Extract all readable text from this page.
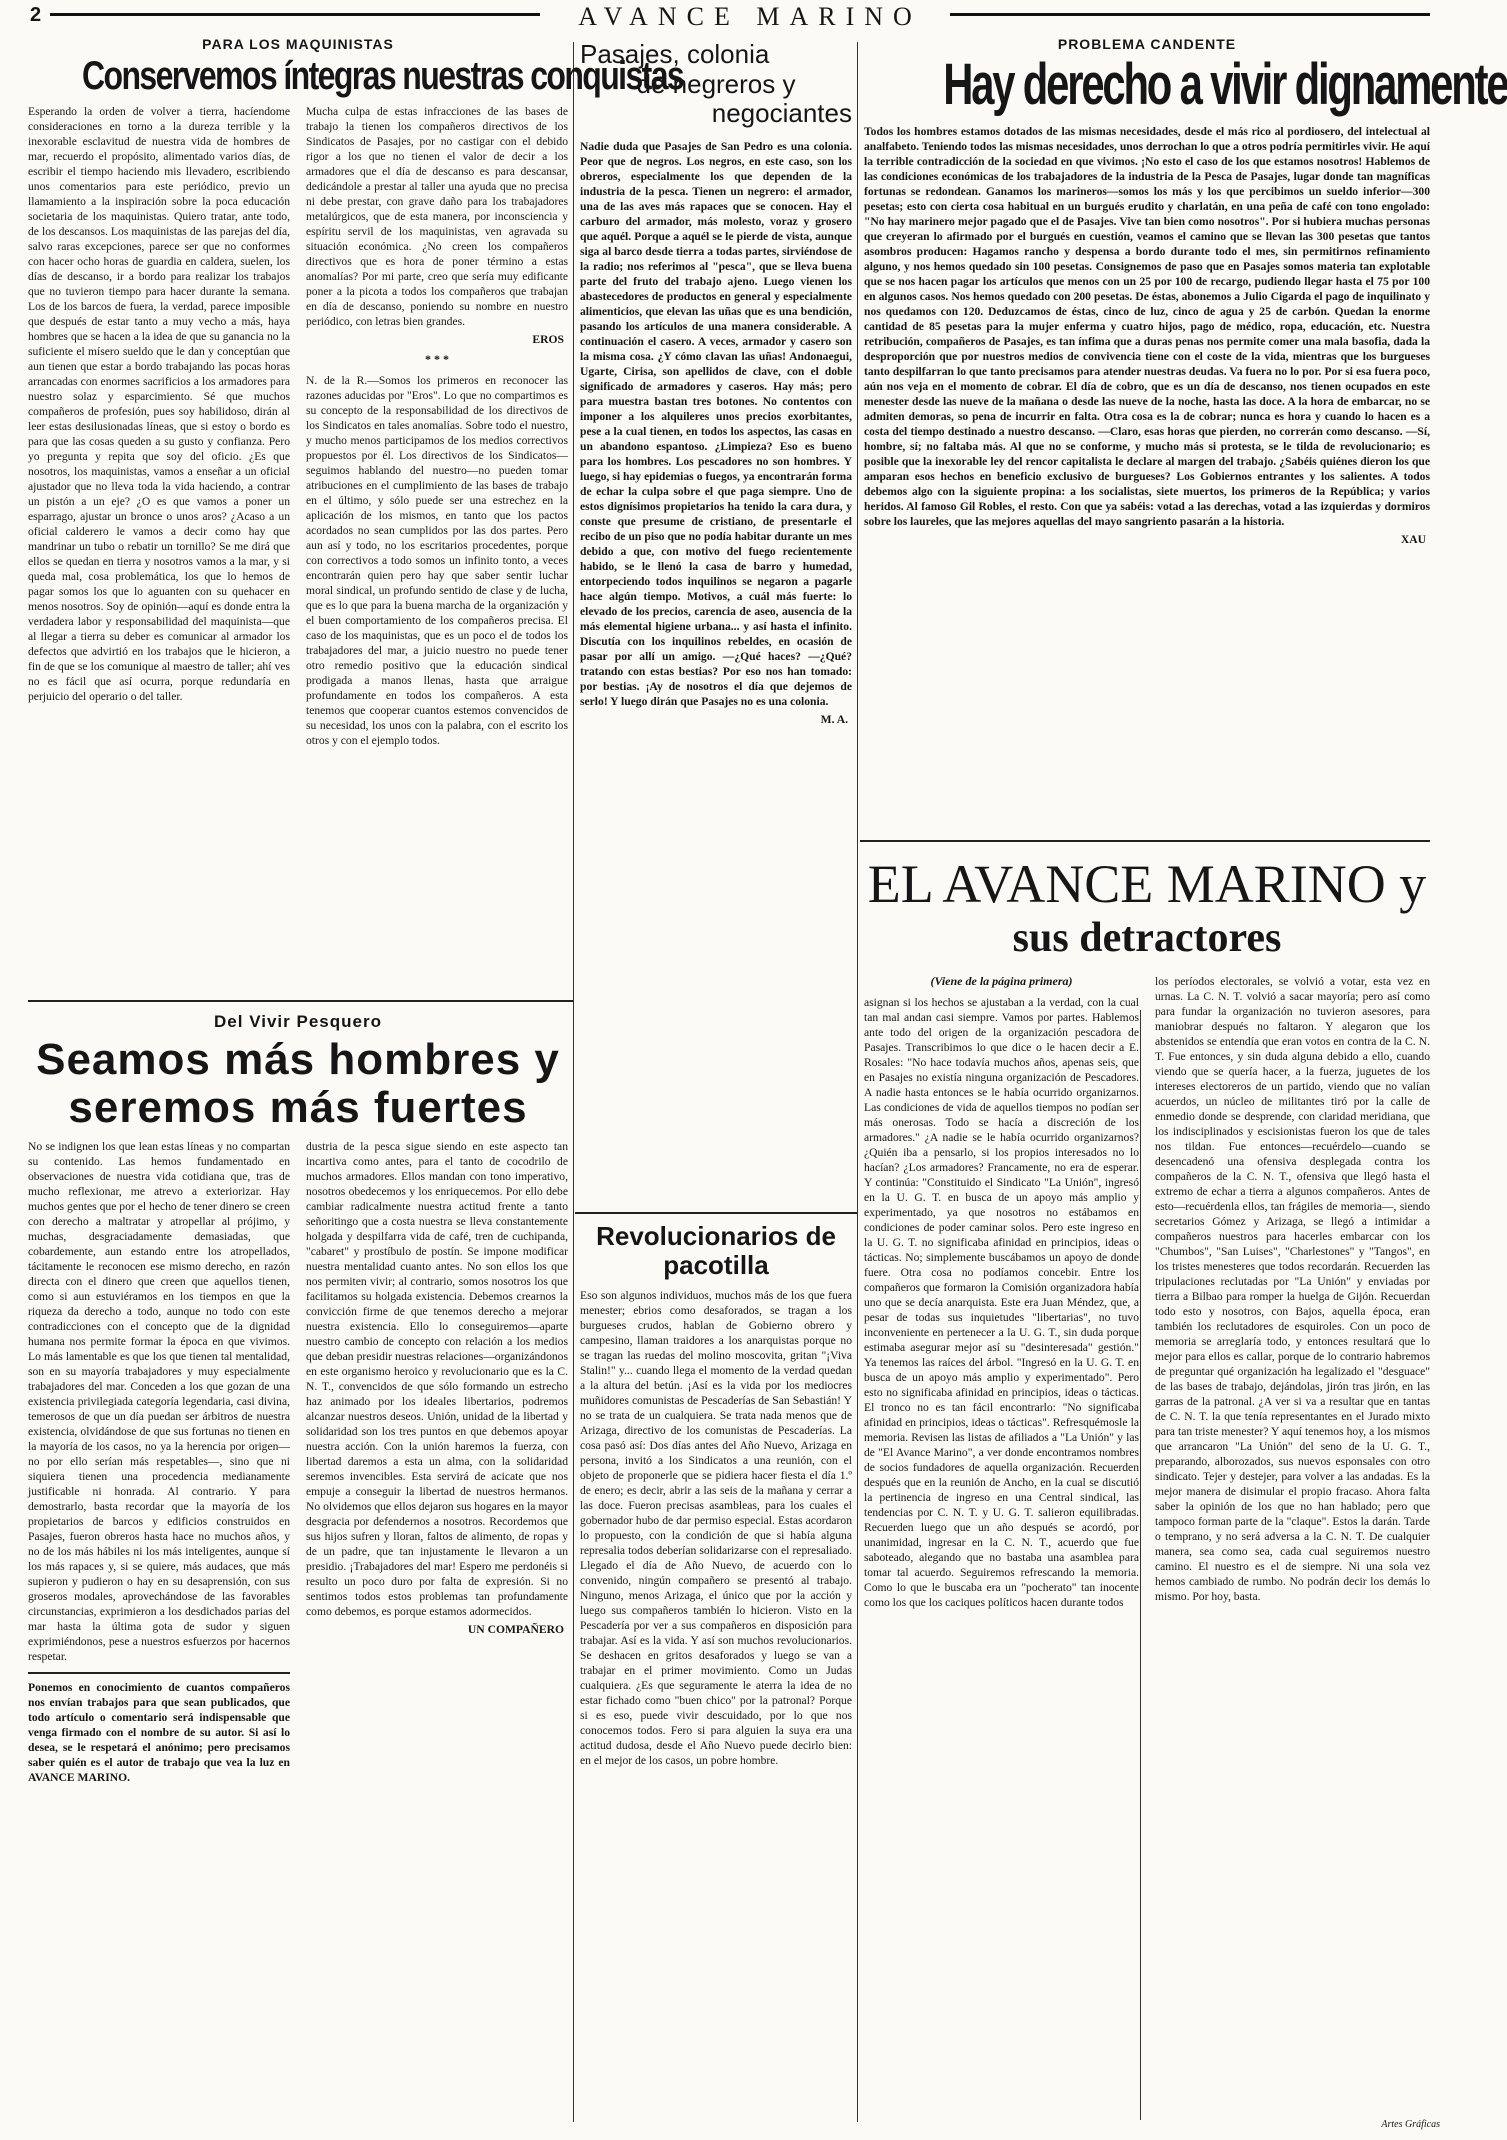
2	AVANCE MARINO
PARA LOS MAQUINISTAS
Conservemos íntegras nuestras conquistas

Esperando la orden de volver a tierra, hacíendome consideraciones en torno a la dureza terrible y la inexorable esclavitud de nuestra vida de hombres de mar, recuerdo el propósito, alimentado varios días, de escribir el tiempo haciendo mis llevadero, escribiendo unos comentarios para este periódico, previo un llamamiento a la inspiración sobre la poca educación societaria de los maquinistas. Quiero tratar, ante todo, de los descansos. Los maquinistas de las parejas del día, salvo raras excepciones, parece ser que no conformes con hacer ocho horas de guardia en caldera, suelen, los días de descanso, ir a bordo para realizar los trabajos que no tuvieron tiempo para hacer durante la semana. Los de los barcos de fuera, la verdad, parece imposible que después de estar tanto a muy vecho a más, haya hombres que se hacen a la idea de que su ganancia no la suficiente el mísero sueldo que le dan y conceptúan que aun tienen que estar a bordo trabajando las pocas horas arrancadas con enormes sacrificios a los armadores para nuestro solaz y esparcimiento. Sé que muchos compañeros de profesión, pues soy habilidoso, dirán al leer estas desilusionadas líneas, que si estoy o bordo es para que las cosas queden a su gusto y confianza. Pero yo pregunta y repita que soy del oficio. ¿Es que nosotros, los maquinistas, vamos a enseñar a un oficial ajustador que no lleva toda la vida haciendo, a contrar un pistón a un eje? ¿O es que vamos a poner un esparrago, ajustar un bronce o unos aros? ¿Acaso a un oficial calderero le vamos a decir como hay que mandrinar un tubo o rebatir un tornillo? Se me dirá que ellos se quedan en tierra y nosotros vamos a la mar, y si queda mal, cosa problemática, los que lo hemos de pagar somos los que lo aguanten con su quehacer en menos nosotros. Soy de opinión—aquí es donde entra la verdadera labor y responsabilidad del maquinista—que al llegar a tierra su deber es comunicar al armador los defectos que advirtió en los trabajos que le hicieron, a fin de que se los comunique al maestro de taller; ahí ves no es fácil que así ocurra, porque redundaría en perjuicio del operario o del taller.

Mucha culpa de estas infracciones de las bases de trabajo la tienen los compañeros directivos de los Sindicatos de Pasajes, por no castigar con el debido rigor a los que no tienen el valor de decir a los armadores que el día de descanso es para descansar, dedicándole a prestar al taller una ayuda que no precisa ni debe prestar, con grave daño para los trabajadores metalúrgicos, que de esta manera, por inconsciencia y espíritu servil de los maquinistas, ven agravada su situación económica. ¿No creen los compañeros directivos que es hora de poner término a estas anomalías? Por mi parte, creo que sería muy edificante poner a la picota a todos los compañeros que trabajan en día de descanso, poniendo su nombre en nuestro periódico, con letras bien grandes.

EROS
* * *

N. de la R.—Somos los primeros en reconocer las razones aducidas por "Eros". Lo que no compartimos es su concepto de la responsabilidad de los directivos de los Sindicatos en tales anomalías. Sobre todo el nuestro, y mucho menos participamos de los medios correctivos propuestos por él. Los directivos de los Sindicatos—seguimos hablando del nuestro—no pueden tomar atribuciones en el cumplimiento de las bases de trabajo en el último, y sólo puede ser una estrechez en la aplicación de los mismos, en tanto que los pactos acordados no sean cumplidos por las dos partes. Pero aun así y todo, no los escritarios procedentes, porque con correctivos a todo somos un infinito tonto, a veces encontrarán quien pero hay que saber sentir luchar moral sindical, un profundo sentido de clase y de lucha, que es lo que para la buena marcha de la organización y el buen comportamiento de los compañeros precisa. El caso de los maquinistas, que es un poco el de todos los trabajadores del mar, a juicio nuestro no puede tener otro remedio positivo que la educación sindical prodigada a manos llenas, hasta que arraigue profundamente en todos los compañeros. A esta tenemos que cooperar cuantos estemos convencidos de su necesidad, los unos con la palabra, con el escrito los otros y con el ejemplo todos.

Del Vivir Pesquero
Seamos más hombres y seremos más fuertes

No se indignen los que lean estas líneas y no compartan su contenido. Las hemos fundamentado en observaciones de nuestra vida cotidiana que, tras de mucho reflexionar, me atrevo a exteriorizar. Hay muchos gentes que por el hecho de tener dinero se creen con derecho a maltratar y atropellar al prójimo, y muchas, desgraciadamente demasiadas, que cobardemente, aun estando entre los atropellados, tácitamente le reconocen ese mismo derecho, en razón directa con el dinero que creen que aquellos tienen, como si aun estuviéramos en los tiempos en que la riqueza da derecho a todo, aunque no todo con este contradicciones con el concepto que de la dignidad humana nos permite formar la época en que vivimos. Lo más lamentable es que los que tienen tal mentalidad, son en su mayoría trabajadores y muy especialmente trabajadores del mar. Conceden a los que gozan de una existencia privilegiada categoría legendaria, casi divina, temerosos de que un día puedan ser árbitros de nuestra existencia, olvidándose de que sus fortunas no tienen en la mayoría de los casos, no ya la herencia por origen—no por ello serían más respetables—, sino que ni siquiera tienen una procedencia medianamente justificable ni honrada. Al contrario. Y para demostrarlo, basta recordar que la mayoría de los propietarios de barcos y edificios construidos en Pasajes, fueron obreros hasta hace no muchos años, y no de los más hábiles ni los más inteligentes, aunque sí los más rapaces y, si se quiere, más audaces, que más supieron y pudieron o hay en su desaprensión, con sus groseros modales, aprovechándose de las favorables circunstancias, exprimieron a los desdichados parias del mar hasta la última gota de sudor y siguen exprimiéndonos, pese a nuestros esfuerzos por hacernos respetar.

Ponemos en conocimiento de cuantos compañeros nos envían trabajos para que sean publicados, que todo artículo o comentario será indispensable que venga firmado con el nombre de su autor. Si así lo desea, se le respetará el anónimo; pero precisamos saber quién es el autor de trabajo que vea la luz en AVANCE MARINO.

dustria de la pesca sigue siendo en este aspecto tan incartiva como antes, para el tanto de cocodrilo de muchos armadores. Ellos mandan con tono imperativo, nosotros obedecemos y los enriquecemos. Por ello debe cambiar radicalmente nuestra actitud frente a tanto señoritingo que a costa nuestra se lleva constantemente holgada y despilfarra vida de café, tren de cuchipanda, "cabaret" y prostíbulo de postín. Se impone modificar nuestra mentalidad cuanto antes. No son ellos los que nos permiten vivir; al contrario, somos nosotros los que facilitamos su holgada existencia. Debemos crearnos la convicción firme de que tenemos derecho a mejorar nuestra existencia. Ello lo conseguiremos—aparte nuestro cambio de concepto con relación a los medios que deban presidir nuestras relaciones—organizándonos en este organismo heroico y revolucionario que es la C. N. T., convencidos de que sólo formando un estrecho haz animado por los ideales libertarios, podremos alcanzar nuestros deseos. Unión, unidad de la libertad y solidaridad son los tres puntos en que debemos apoyar nuestra acción. Con la unión haremos la fuerza, con libertad daremos a esta un alma, con la solidaridad seremos invencibles. Esta servirá de acicate que nos empuje a conseguir la libertad de nuestros hermanos. No olvidemos que ellos dejaron sus hogares en la mayor desgracia por defendernos a nosotros. Recordemos que sus hijos sufren y lloran, faltos de alimento, de ropas y de un padre, que tan injustamente le llevaron a un presidio. ¡Trabajadores del mar! Espero me perdonéis si resulto un poco duro por falta de expresión. Si no sentimos todos estos problemas tan profundamente como debemos, es porque estamos adormecidos.

UN COMPAÑERO
Pasajes, colonia
de negreros y
negociantes

Nadie duda que Pasajes de San Pedro es una colonia. Peor que de negros. Los negros, en este caso, son los obreros, especialmente los que dependen de la industria de la pesca. Tienen un negrero: el armador, una de las aves más rapaces que se conocen. Hay el carburo del armador, más molesto, voraz y grosero que aquél. Porque a aquél se le pierde de vista, aunque siga al barco desde tierra a todas partes, sirviéndose de la radio; nos referimos al "pesca", que se lleva buena parte del fruto del trabajo ajeno. Luego vienen los abastecedores de productos en general y especialmente alimenticios, que elevan las uñas que es una bendición, pasando los artículos de una manera considerable. A continuación el casero. A veces, armador y casero son la misma cosa. ¿Y cómo clavan las uñas! Andonaegui, Ugarte, Cirisa, son apellidos de clave, con el doble significado de armadores y caseros. Hay más; pero para muestra bastan tres botones. No contentos con imponer a los alquileres unos precios exorbitantes, pese a la cual tienen, en todos los aspectos, las casas en un abandono espantoso. ¿Limpieza? Eso es bueno para los hombres. Los pescadores no son hombres. Y luego, si hay epidemias o fuegos, ya encontrarán forma de echar la culpa sobre el que paga siempre. Uno de estos dignísimos propietarios ha tenido la cara dura, y conste que presume de cristiano, de presentarle el recibo de un piso que no podía habitar durante un mes debido a que, con motivo del fuego recientemente habido, se le llenó la casa de barro y humedad, entorpeciendo todos inquilinos se negaron a pagarle hace algún tiempo. Motivos, a cuál más fuerte: lo elevado de los precios, carencia de aseo, ausencia de la más elemental higiene urbana... y así hasta el infinito. Discutía con los inquilinos rebeldes, en ocasión de pasar por allí un amigo. —¿Qué haces? —¿Qué? tratando con estas bestias? Por eso nos han tomado: por bestias. ¡Ay de nosotros el día que dejemos de serlo! Y luego dirán que Pasajes no es una colonia.

M. A.
Revolucionarios de pacotilla

Eso son algunos individuos, muchos más de los que fuera menester; ebrios como desaforados, se tragan a los burgueses crudos, hablan de Gobierno obrero y campesino, llaman traidores a los anarquistas porque no se tragan las ruedas del molino moscovita, gritan "¡Viva Stalin!" y... cuando llega el momento de la verdad quedan a la altura del betún. ¡Así es la vida por los mediocres muñidores comunistas de Pescaderías de San Sebastián! Y no se trata de un cualquiera. Se trata nada menos que de Arizaga, directivo de los comunistas de Pescaderías. La cosa pasó así: Dos días antes del Año Nuevo, Arizaga en persona, invitó a los Sindicatos a una reunión, con el objeto de proponerle que se pidiera hacer fiesta el día 1.º de enero; es decir, abrir a las seis de la mañana y cerrar a las doce. Fueron precisas asambleas, para los cuales el gobernador hubo de dar permiso especial. Estas acordaron lo propuesto, con la condición de que si había alguna represalia todos deberían solidarizarse con el represaliado. Llegado el día de Año Nuevo, de acuerdo con lo convenido, ningún compañero se presentó al trabajo. Ninguno, menos Arizaga, el único que por la acción y luego sus compañeros también lo hicieron. Visto en la Pescadería por ver a sus compañeros en disposición para trabajar. Así es la vida. Y así son muchos revolucionarios. Se deshacen en gritos desaforados y luego se van a trabajar en el primer movimiento. Como un Judas cualquiera. ¿Es que seguramente le aterra la idea de no estar fichado como "buen chico" por la patronal? Porque si es eso, puede vivir descuidado, por lo que nos conocemos todos. Fero si para alguien la suya era una actitud dudosa, desde el Año Nuevo puede decirlo bien: en el mejor de los casos, un pobre hombre.

PROBLEMA CANDENTE
Hay derecho a vivir dignamente

Todos los hombres estamos dotados de las mismas necesidades, desde el más rico al pordiosero, del intelectual al analfabeto. Teniendo todos las mismas necesidades, unos derrochan lo que a otros podría permitirles vivir. He aquí la terrible contradicción de la sociedad en que vivimos. ¡No esto el caso de los que estamos nosotros! Hablemos de las condiciones económicas de los trabajadores de la industria de la Pesca de Pasajes, lugar donde tan magníficas fortunas se redondean. Ganamos los marineros—somos los más y los que percibimos un sueldo inferior—300 pesetas; esto con cierta cosa habitual en un burgués erudito y charlatán, en una peña de café con tono engolado: "No hay marinero mejor pagado que el de Pasajes. Vive tan bien como nosotros". Por si hubiera muchas personas que creyeran lo afirmado por el burgués en cuestión, veamos el camino que se llevan las 300 pesetas que tantos asombros producen: Hagamos rancho y despensa a bordo durante todo el mes, sin permitirnos refinamiento alguno, y nos hemos quedado sin 100 pesetas. Consignemos de paso que en Pasajes somos materia tan explotable que se nos hacen pagar los artículos que menos con un 25 por 100 de recargo, pudiendo llegar hasta el 75 por 100 en algunos casos. Nos hemos quedado con 200 pesetas. De éstas, abonemos a Julio Cigarda el pago de inquilinato y nos quedamos con 120. Deduzcamos de éstas, cinco de luz, cinco de agua y 25 de carbón. Quedan la enorme cantidad de 85 pesetas para la mujer enferma y cuatro hijos, pago de médico, ropa, educación, etc. Nuestra retribución, compañeros de Pasajes, es tan ínfima que a duras penas nos permite comer una mala basofia, dada la desproporción que por nuestros medios de convivencia tiene con el coste de la vida, mientras que los burgueses tanto despilfarran lo que tanto precisamos para atender nuestras deudas. Va fuera no lo por. Por si esa fuera poco, aún nos veja en el momento de cobrar. El día de cobro, que es un día de descanso, nos tienen ocupados en este menester desde las nueve de la mañana o desde las nueve de la noche, hasta las doce. A la hora de embarcar, no se admiten demoras, so pena de incurrir en falta. Otra cosa es la de cobrar; nunca es hora y cuando lo hacen es a costa del tiempo destinado a nuestro descanso. —Claro, esas horas que pierden, no correrán como descanso. —Sí, hombre, sí; no faltaba más. Al que no se conforme, y mucho más si protesta, se le tilda de revolucionario; es posible que la inexorable ley del rencor capitalista le declare al margen del trabajo. ¿Sabéis quiénes dieron los que amparan esos hechos en beneficio exclusivo de burgueses? Los Gobiernos entrantes y los salientes. A todos debemos algo con la siguiente propina: a los socialistas, siete muertos, los primeros de la República; y varios heridos. Al famoso Gil Robles, el resto. Con que ya sabéis: votad a las derechas, votad a las izquierdas y dormiros sobre los laureles, que las mejores aquellas del mayo sangriento pasarán a la historia.

XAU
EL AVANCE MARINO y
sus detractores
(Viene de la página primera)

asignan si los hechos se ajustaban a la verdad, con la cual tan mal andan casi siempre. Vamos por partes. Hablemos ante todo del origen de la organización pescadora de Pasajes. Transcribimos lo que dice o le hacen decir a E. Rosales: "No hace todavía muchos años, apenas seis, que en Pasajes no existía ninguna organización de Pescadores. A nadie hasta entonces se le había ocurrido organizarnos. Las condiciones de vida de aquellos tiempos no podían ser más onerosas. Todo se hacía a discreción de los armadores." ¿A nadie se le había ocurrido organizarnos? ¿Quién iba a pensarlo, si los propios interesados no lo hacían? ¿Los armadores? Francamente, no era de esperar. Y continúa: "Constituido el Sindicato "La Unión", ingresó en la U. G. T. en busca de un apoyo más amplio y experimentado, ya que nosotros no estábamos en condiciones de poder caminar solos. Pero este ingreso en la U. G. T. no significaba afinidad en principios, ideas o tácticas. No; simplemente buscábamos un apoyo de donde fuere. Otra cosa no podíamos concebir. Entre los compañeros que formaron la Comisión organizadora había uno que se decía anarquista. Este era Juan Méndez, que, a pesar de todas sus inquietudes "libertarias", no tuvo inconveniente en pertenecer a la U. G. T., sin duda porque estimaba asegurar mejor así su "desinteresada" gestión." Ya tenemos las raíces del árbol. "Ingresó en la U. G. T. en busca de un apoyo más amplio y experimentado". Pero esto no significaba afinidad en principios, ideas o tácticas. El tronco no es tan fácil encontrarlo: "No significaba afinidad en principios, ideas o tácticas". Refresquémosle la memoria. Revisen las listas de afiliados a "La Unión" y las de "El Avance Marino", a ver donde encontramos nombres de socios fundadores de aquella organización. Recuerden después que en la reunión de Ancho, en la cual se discutió la pertinencia de ingreso en una Central sindical, las tendencias por C. N. T. y U. G. T. salieron equilibradas. Recuerden luego que un año después se acordó, por unanimidad, ingresar en la C. N. T., acuerdo que fue saboteado, alegando que no bastaba una asamblea para tomar tal acuerdo. Seguiremos refrescando la memoria. Como lo que le buscaba era un "pocherato" tan inocente como los que los caciques políticos hacen durante todos

los períodos electorales, se volvió a votar, esta vez en urnas. La C. N. T. volvió a sacar mayoría; pero así como para fundar la organización no tuvieron asesores, para maniobrar después no faltaron. Y alegaron que los abstenidos se entendía que eran votos en contra de la C. N. T. Fue entonces, y sin duda alguna debido a ello, cuando viendo que se quería hacer, a la fuerza, juguetes de los intereses electoreros de un partido, viendo que no valían acuerdos, un núcleo de militantes tiró por la calle de enmedio donde se desprende, con claridad meridiana, que los indisciplinados y escisionistas fueron los que de tales nos tildan. Fue entonces—recuérdelo—cuando se desencadenó una ofensiva desplegada contra los compañeros de la C. N. T., ofensiva que llegó hasta el extremo de echar a tierra a algunos compañeros. Antes de esto—recuérdenla ellos, tan frágiles de memoria—, siendo secretarios Gómez y Arizaga, se llegó a intimidar a compañeros nuestros para hacerles embarcar con los "Chumbos", "San Luises", "Charlestones" y "Tangos", en los tristes menesteres que todos recordarán. Recuerden las tripulaciones reclutadas por "La Unión" y enviadas por tierra a Bilbao para romper la huelga de Gijón. Recuerdan todo esto y nosotros, con Bajos, aquella época, eran también los reclutadores de esquiroles. Con un poco de memoria se arreglaría todo, y entonces resultará que lo mejor para ellos es callar, porque de lo contrario habremos de preguntar qué organización ha legalizado el "desguace" de las bases de trabajo, dejándolas, jirón tras jirón, en las garras de la patronal. ¿A ver si va a resultar que en tantas de C. N. T. la que tenía representantes en el Jurado mixto para tan triste menester? Y aquí tenemos hoy, a los mismos que arrancaron "La Unión" del seno de la U. G. T., preparando, alborozados, sus nuevos esponsales con otro sindicato. Tejer y destejer, para volver a las andadas. Es la mejor manera de disimular el propio fracaso. Ahora falta saber la opinión de los que no han hablado; pero que tampoco forman parte de la "claque". Estos la darán. Tarde o temprano, y no será adversa a la C. N. T. De cualquier manera, sea como sea, cada cual seguiremos nuestro camino. El nuestro es el de siempre. Ni una sola vez hemos cambiado de rumbo. No podrán decir los demás lo mismo. Por hoy, basta.

Artes Gráficas
